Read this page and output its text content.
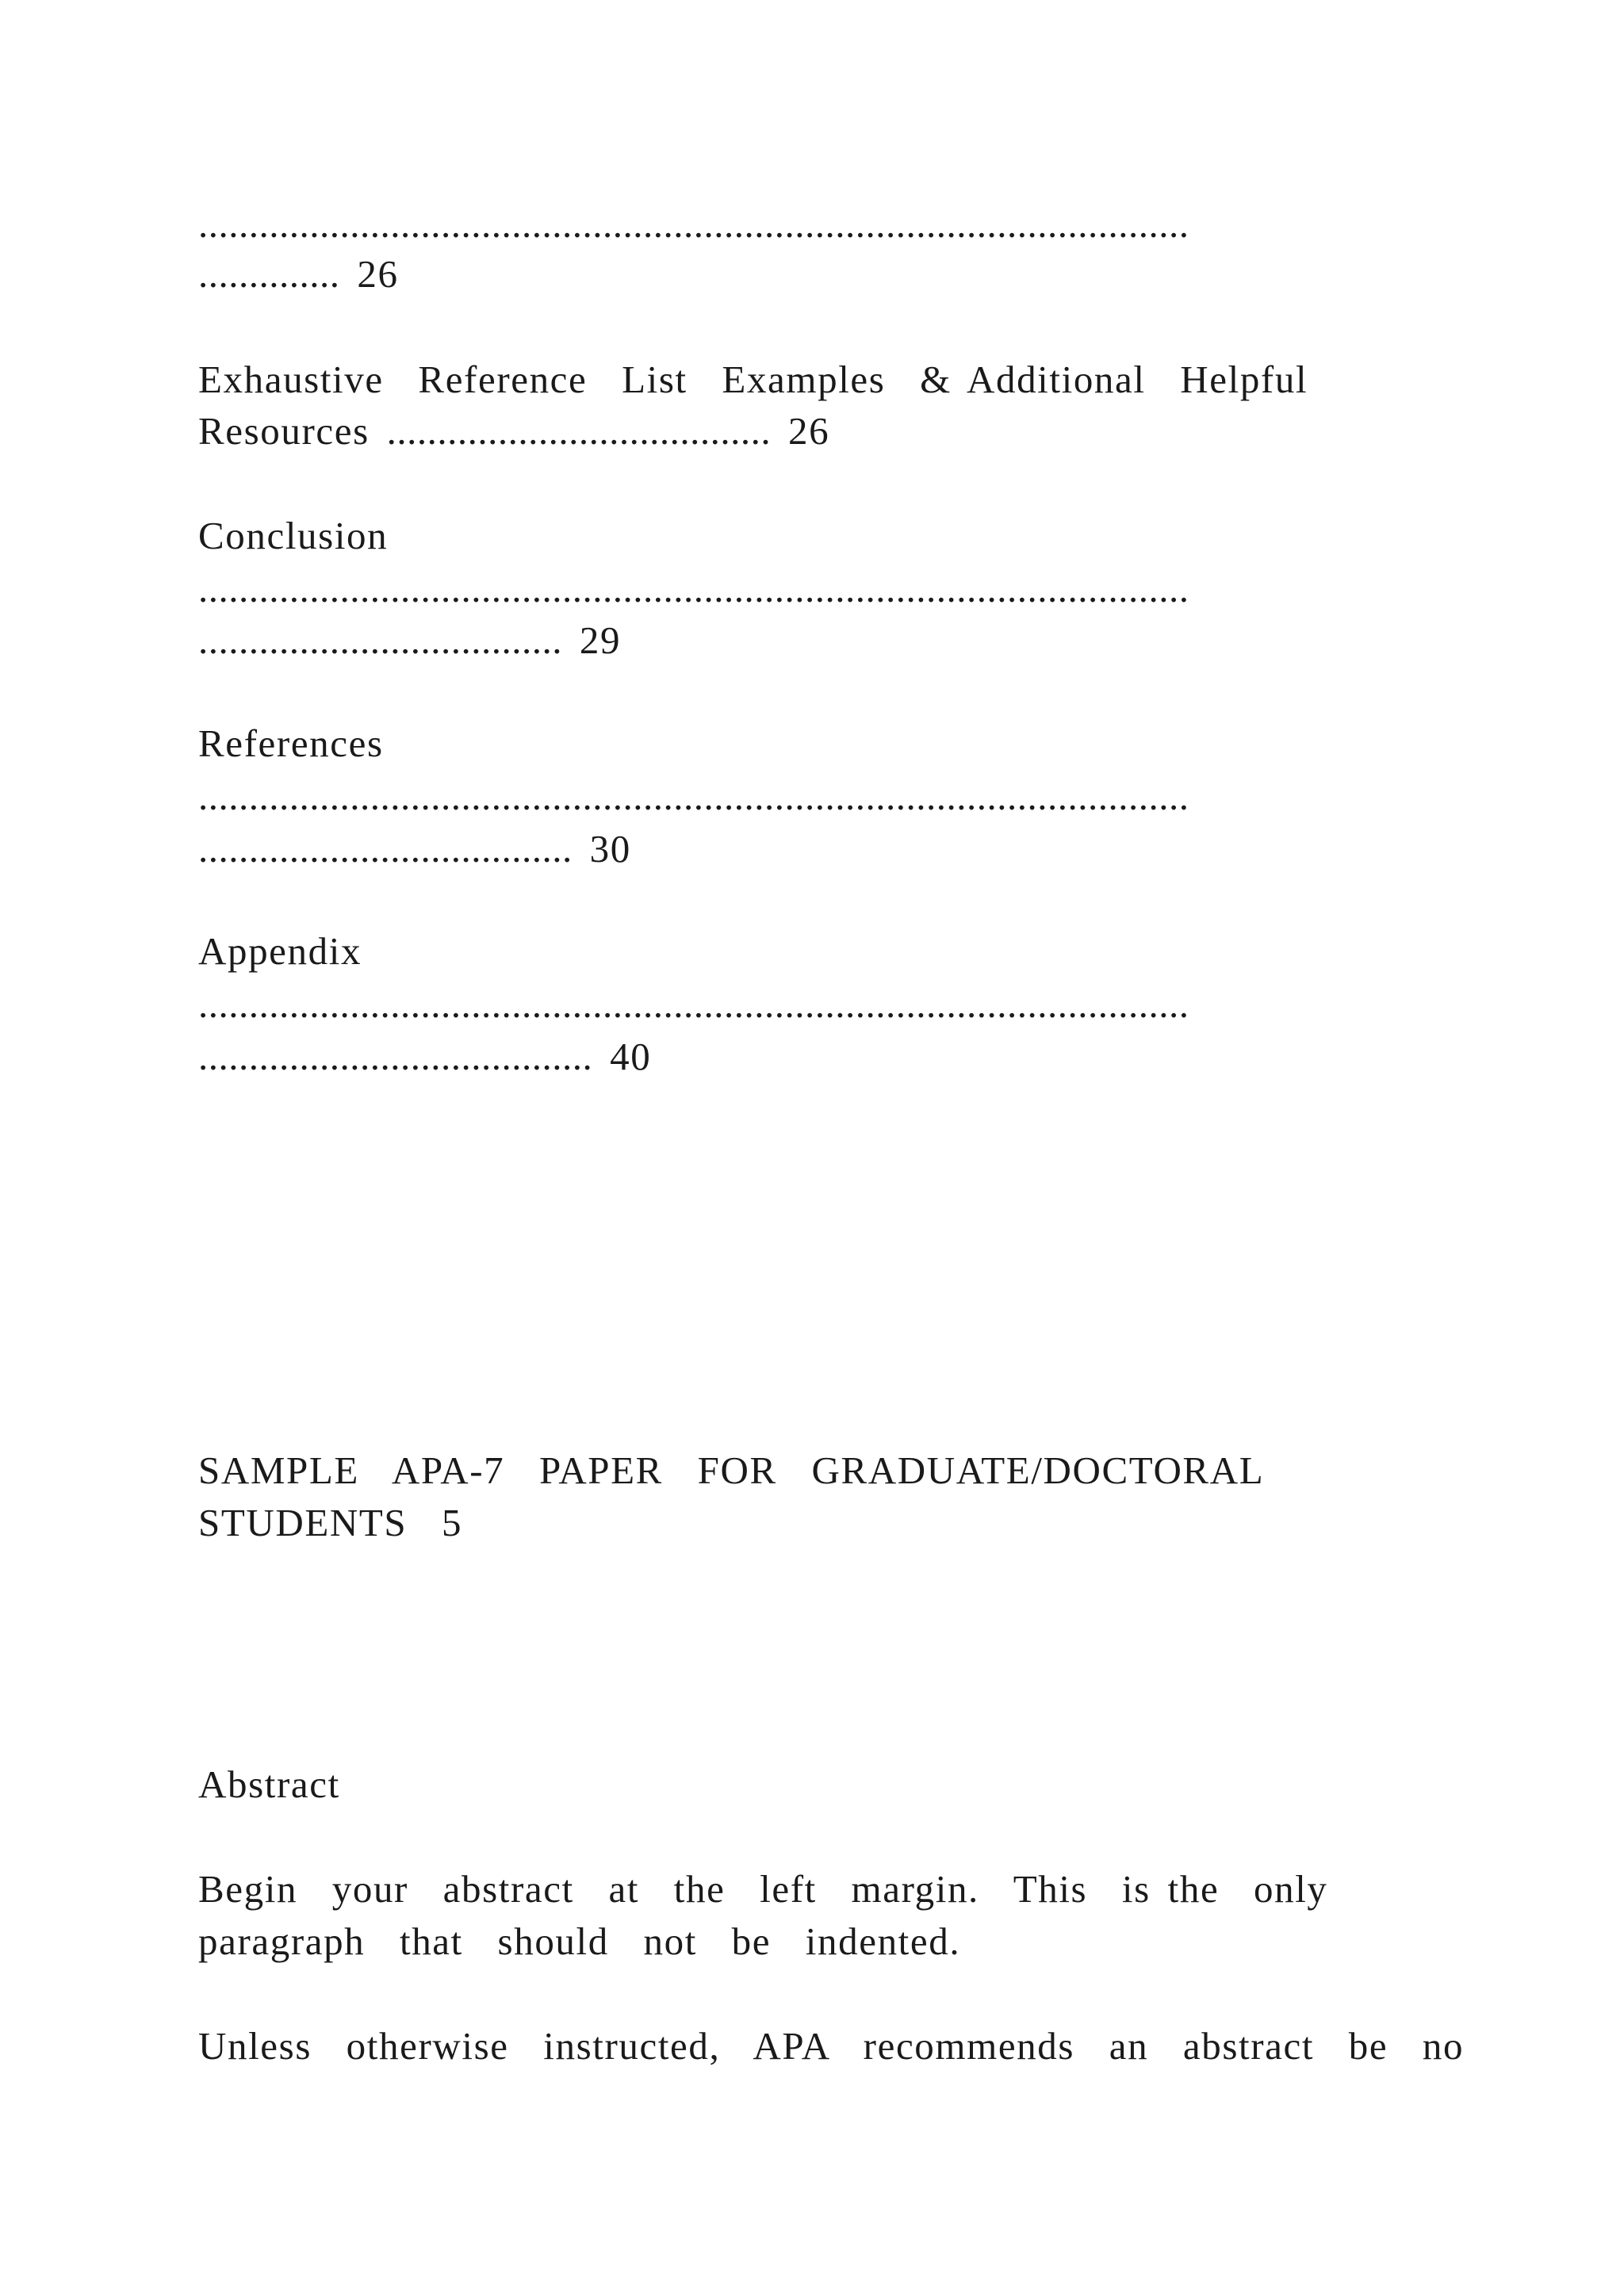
..................................................................................................
.............. 26
Exhaustive  Reference  List  Examples  & Additional  Helpful
Resources ...................................... 26
Conclusion
..................................................................................................
.................................... 29
References
..................................................................................................
..................................... 30
Appendix
..................................................................................................
....................................... 40
SAMPLE  APA-7  PAPER  FOR  GRADUATE/DOCTORAL
STUDENTS 5
Abstract
Begin  your  abstract  at  the  left  margin.  This  is the  only
paragraph  that  should  not  be  indented.
Unless  otherwise  instructed,  APA  recommends  an  abstract  be  no
